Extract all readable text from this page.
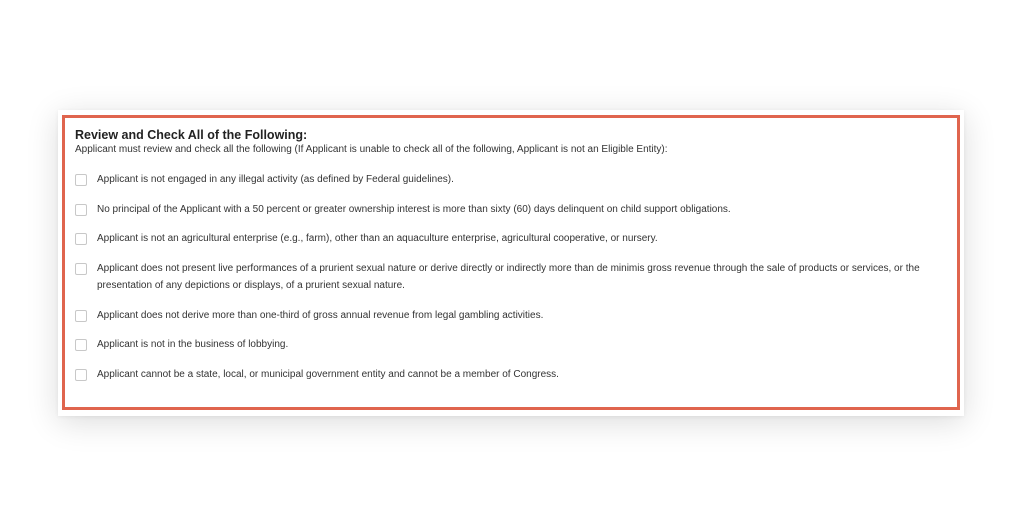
Review and Check All of the Following:
Applicant must review and check all the following (If Applicant is unable to check all of the following, Applicant is not an Eligible Entity):
Applicant is not engaged in any illegal activity (as defined by Federal guidelines).
No principal of the Applicant with a 50 percent or greater ownership interest is more than sixty (60) days delinquent on child support obligations.
Applicant is not an agricultural enterprise (e.g., farm), other than an aquaculture enterprise, agricultural cooperative, or nursery.
Applicant does not present live performances of a prurient sexual nature or derive directly or indirectly more than de minimis gross revenue through the sale of products or services, or the presentation of any depictions or displays, of a prurient sexual nature.
Applicant does not derive more than one-third of gross annual revenue from legal gambling activities.
Applicant is not in the business of lobbying.
Applicant cannot be a state, local, or municipal government entity and cannot be a member of Congress.
